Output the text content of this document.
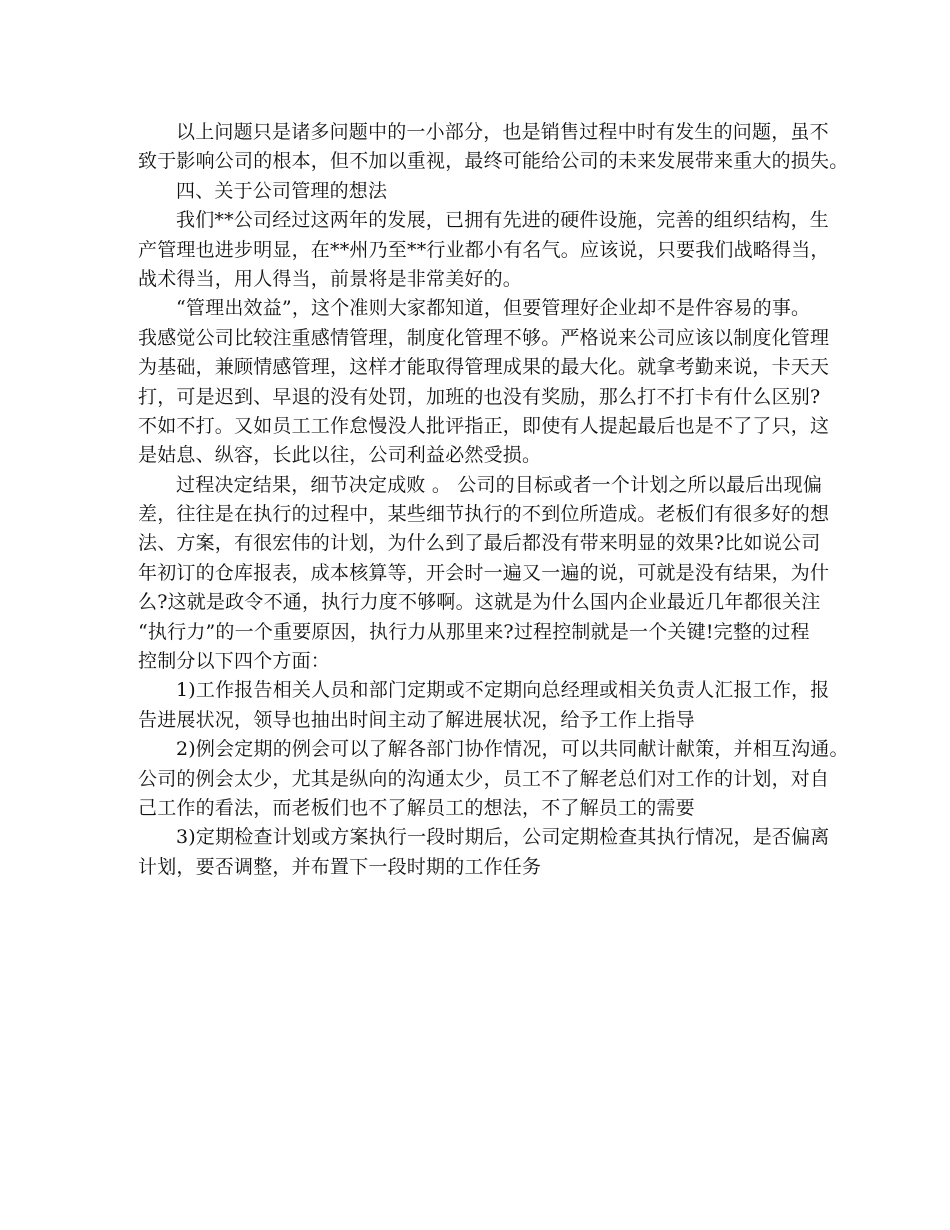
以上问题只是诸多问题中的一小部分，也是销售过程中时有发生的问题，虽不
致于影响公司的根本，但不加以重视，最终可能给公司的未来发展带来重大的损失。
四、关于公司管理的想法
我们**公司经过这两年的发展，已拥有先进的硬件设施，完善的组织结构，生
产管理也进步明显，在**州乃至**行业都小有名气。应该说，只要我们战略得当，
战术得当，用人得当，前景将是非常美好的。
“管理出效益”，这个准则大家都知道，但要管理好企业却不是件容易的事。
我感觉公司比较注重感情管理，制度化管理不够。严格说来公司应该以制度化管理
为基础，兼顾情感管理，这样才能取得管理成果的最大化。就拿考勤来说，卡天天
打，可是迟到、早退的没有处罚，加班的也没有奖励，那么打不打卡有什么区别?
不如不打。又如员工工作怠慢没人批评指正，即使有人提起最后也是不了了只，这
是姑息、纵容，长此以往，公司利益必然受损。
过程决定结果，细节决定成败 。 公司的目标或者一个计划之所以最后出现偏
差，往往是在执行的过程中，某些细节执行的不到位所造成。老板们有很多好的想
法、方案，有很宏伟的计划，为什么到了最后都没有带来明显的效果?比如说公司
年初订的仓库报表，成本核算等，开会时一遍又一遍的说，可就是没有结果，为什
么?这就是政令不通，执行力度不够啊。这就是为什么国内企业最近几年都很关注
“执行力”的一个重要原因，执行力从那里来?过程控制就是一个关键!完整的过程
控制分以下四个方面：
1)工作报告相关人员和部门定期或不定期向总经理或相关负责人汇报工作，报
告进展状况，领导也抽出时间主动了解进展状况，给予工作上指导
2)例会定期的例会可以了解各部门协作情况，可以共同献计献策，并相互沟通。
公司的例会太少，尤其是纵向的沟通太少，员工不了解老总们对工作的计划，对自
己工作的看法，而老板们也不了解员工的想法，不了解员工的需要
3)定期检查计划或方案执行一段时期后，公司定期检查其执行情况，是否偏离
计划，要否调整，并布置下一段时期的工作任务
